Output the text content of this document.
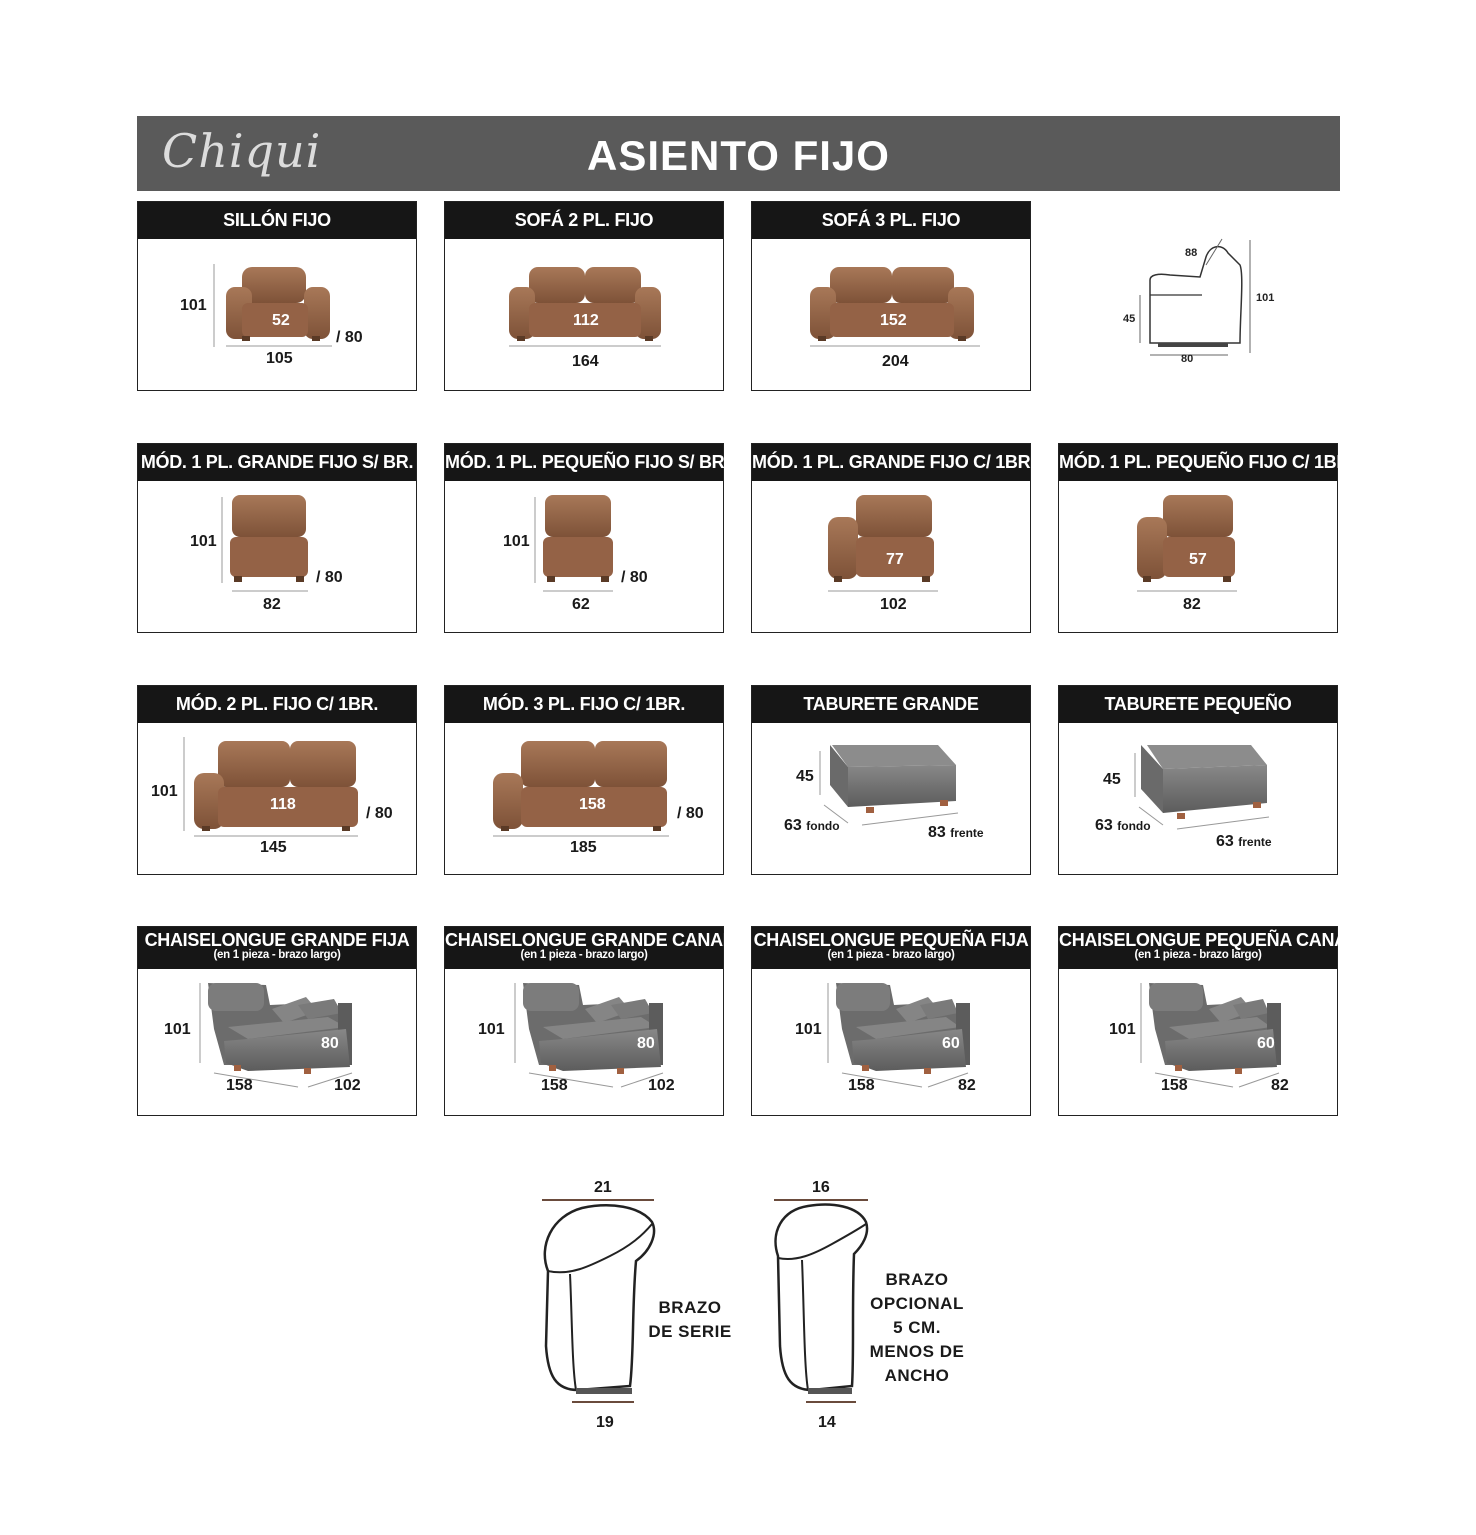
Chiqui	ASIENTO FIJO
SILLÓN FIJO
101
52
/ 80
105
SOFÁ 2 PL. FIJO
112
164
SOFÁ 3 PL. FIJO
152
204
88
45
101
80
MÓD. 1 PL. GRANDE FIJO S/ BR.
101
/ 80
82
MÓD. 1 PL. PEQUEÑO FIJO S/ BR.
101
/ 80
62
MÓD. 1 PL. GRANDE FIJO C/ 1BR.
77
102
MÓD. 1 PL. PEQUEÑO FIJO C/ 1BR.
57
82
MÓD. 2 PL. FIJO C/ 1BR.
101
118
/ 80
145
MÓD. 3 PL. FIJO C/ 1BR.
158
/ 80
185
TABURETE GRANDE
45
63 fondo	83 frente
TABURETE PEQUEÑO
45
63 fondo
63 frente
CHAISELONGUE GRANDE FIJA
(en 1 pieza - brazo largo)
101
80
158	102
CHAISELONGUE GRANDE CANAPÉ
(en 1 pieza - brazo largo)
101
80
158	102
CHAISELONGUE PEQUEÑA FIJA
(en 1 pieza - brazo largo)
101
60
158	82
CHAISELONGUE PEQUEÑA CANAPÉ
(en 1 pieza - brazo largo)
101
60
158	82
21
19
BRAZO
DE SERIE
16
14
BRAZO
OPCIONAL
5 CM.
MENOS DE
ANCHO
